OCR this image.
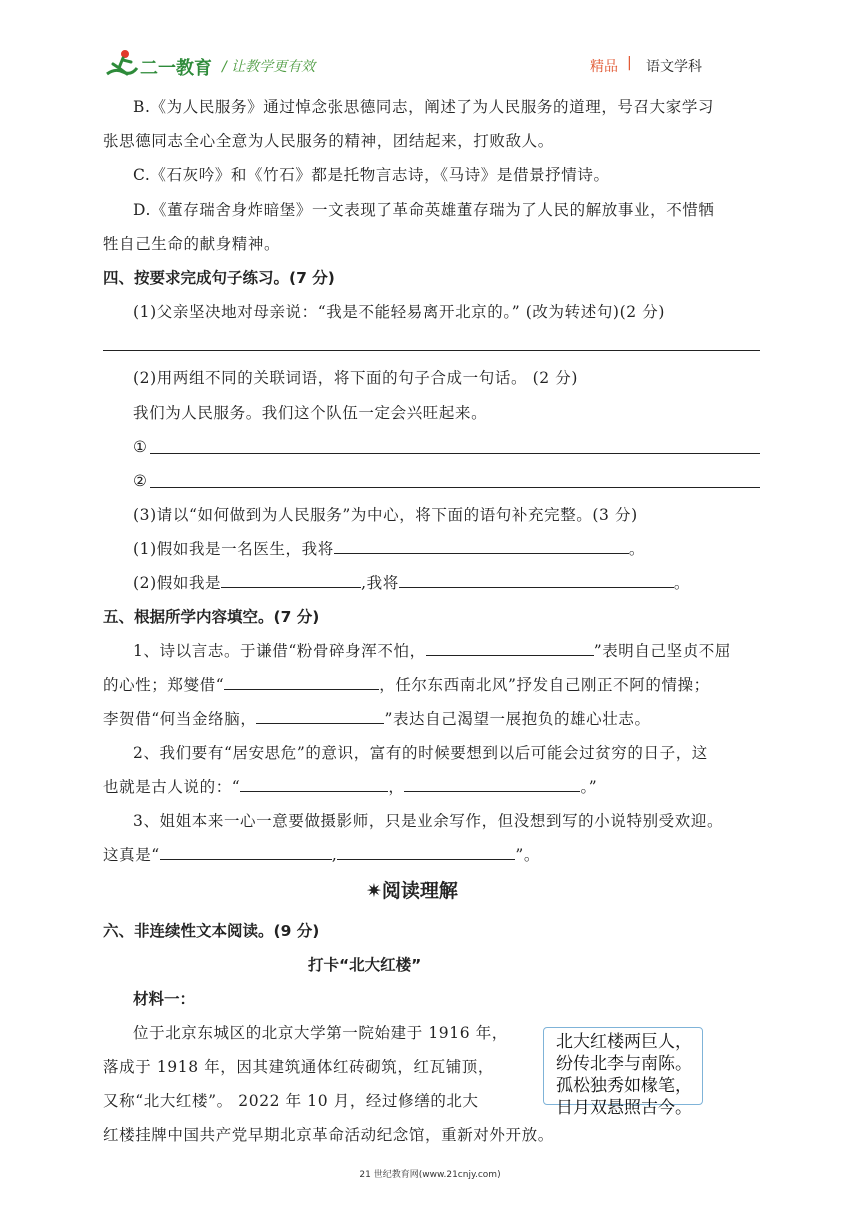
二一教育 / 让教学更有效	精品 | 语文学科
B.《为人民服务》通过悼念张思德同志，阐述了为人民服务的道理，号召大家学习
张思德同志全心全意为人民服务的精神，团结起来，打败敌人。
C.《石灰吟》和《竹石》都是托物言志诗，《马诗》是借景抒情诗。
D.《董存瑞舍身炸暗堡》一文表现了革命英雄董存瑞为了人民的解放事业，不惜牺
牲自己生命的献身精神。
四、按要求完成句子练习。(7 分)
(1)父亲坚决地对母亲说：“我是不能轻易离开北京的。” (改为转述句)(2 分)
(2)用两组不同的关联词语，将下面的句子合成一句话。 (2 分)
我们为人民服务。我们这个队伍一定会兴旺起来。
①
②
(3)请以“如何做到为人民服务”为中心，将下面的语句补充完整。(3 分)
(1)假如我是一名医生，我将	。
(2)假如我是	,我将	。
五、根据所学内容填空。(7 分)
1、诗以言志。于谦借“粉骨碎身浑不怕，	”表明自己坚贞不屈
的心性；郑燮借“	，任尔东西南北风”抒发自己刚正不阿的情操；
李贺借“何当金络脑，	”表达自己渴望一展抱负的雄心壮志。
2、我们要有“居安思危”的意识，富有的时候要想到以后可能会过贫穷的日子，这
也就是古人说的：“	，	。”
3、姐姐本来一心一意要做摄影师，只是业余写作，但没想到写的小说特别受欢迎。
这真是“	,	”。
✷阅读理解
六、非连续性文本阅读。(9 分)
打卡“北大红楼”
材料一：
位于北京东城区的北京大学第一院始建于 1916 年，
落成于 1918 年，因其建筑通体红砖砌筑，红瓦铺顶，
又称“北大红楼”。 2022 年 10 月，经过修缮的北大
红楼挂牌中国共产党早期北京革命活动纪念馆，重新对外开放。
北大红楼两巨人，
纷传北李与南陈。
孤松独秀如椽笔，
日月双悬照古今。
21 世纪教育网(www.21cnjy.com)
